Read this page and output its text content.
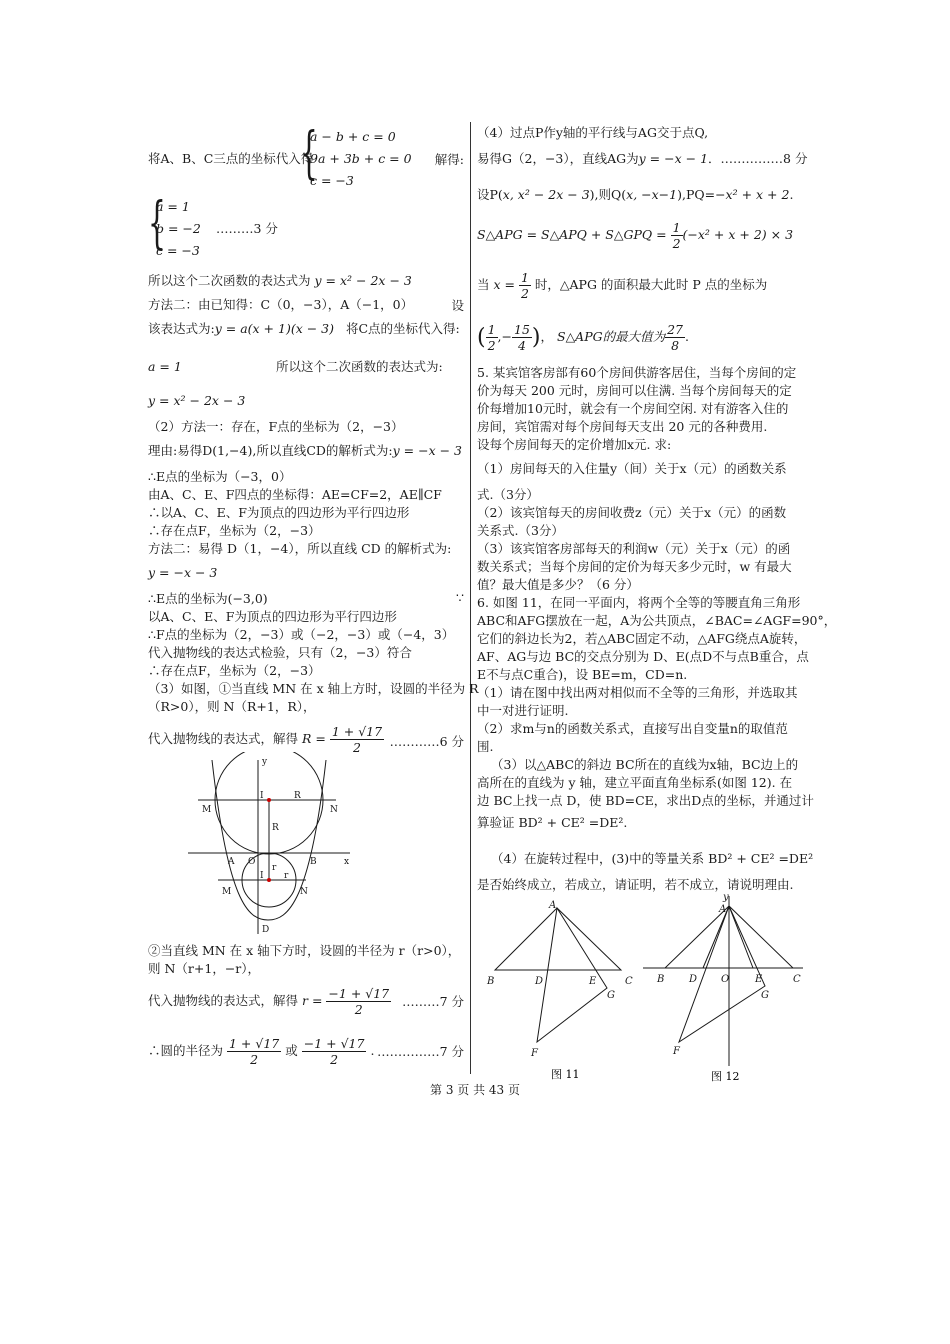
将A、B、C三点的坐标代入得
{
a − b + c = 0
9a + 3b + c = 0
c = −3
解得:
{
a = 1
b = −2
c = −3
………3 分
所以这个二次函数的表达式为 y = x² − 2x − 3
方法二：由已知得：C（0，−3），A（−1，0）	设
该表达式为:y = a(x + 1)(x − 3) 将C点的坐标代入得:
a = 1	所以这个二次函数的表达式为:
y = x² − 2x − 3
（2）方法一：存在，F点的坐标为（2，−3）
理由:易得D(1,−4),所以直线CD的解析式为:y = −x − 3
∴E点的坐标为（−3，0）
由A、C、E、F四点的坐标得：AE=CF=2，AE∥CF
∴以A、C、E、F为顶点的四边形为平行四边形
∴存在点F，坐标为（2，−3）
方法二：易得 D（1，−4），所以直线 CD 的解析式为:
y = −x − 3
∴E点的坐标为(−3,0)	∵
以A、C、E、F为顶点的四边形为平行四边形
∴F点的坐标为（2，−3）或（−2，−3）或（−4，3）
代入抛物线的表达式检验，只有（2，−3）符合
∴存在点F，坐标为（2，−3）
（3）如图，①当直线 MN 在 x 轴上方时，设圆的半径为 R
（R>0），则 N（R+1，R），
代入抛物线的表达式，解得 $R = \frac{1 + √17}{2}$ …………6 分
y
I	R
M	N
R
A O	B	x
I r
M	N
r
D
②当直线 MN 在 x 轴下方时，设圆的半径为 r（r>0），
则 N（r+1，−r），
代入抛物线的表达式，解得 $r = \frac{-1 + √17}{2}$ ………7 分
∴圆的半径为 $\frac{1 + √17}{2}$ 或 $\frac{-1 + √17}{2}$ . ……………7 分
（4）过点P作y轴的平行线与AG交于点Q,
易得G（2，−3），直线AG为y = −x − 1．……………8 分
设P(x, x² − 2x − 3),则Q(x, −x−1),PQ=−x² + x + 2.
S△APG = S△APQ + S△GPQ = $\frac{1}{2} (-x^2 + x + 2) \times 3$
当 $x = \frac{1}{2}$ 时，△APG 的面积最大此时 P 点的坐标为
( $\frac{1}{2}$ ,− $\frac{15}{4}$ )， S△APG的最大值为 $\frac{27}{8}$ .
5. 某宾馆客房部有60个房间供游客居住，当每个房间的定
价为每天 200 元时，房间可以住满. 当每个房间每天的定
价每增加10元时，就会有一个房间空闲. 对有游客入住的
房间，宾馆需对每个房间每天支出 20 元的各种费用.
设每个房间每天的定价增加x元. 求:
（1）房间每天的入住量y（间）关于x（元）的函数关系
式.（3分）
（2）该宾馆每天的房间收费z（元）关于x（元）的函数
关系式.（3分）
（3）该宾馆客房部每天的利润w（元）关于x（元）的函
数关系式；当每个房间的定价为每天多少元时，w 有最大
值？最大值是多少？（6 分）
6. 如图 11，在同一平面内，将两个全等的等腰直角三角形
ABC和AFG摆放在一起，A为公共顶点，∠BAC=∠AGF=90°，
它们的斜边长为2，若△ABC固定不动，△AFG绕点A旋转，
AF、AG与边 BC的交点分别为 D、E(点D不与点B重合，点
E不与点C重合)，设 BE=m，CD=n.
（1）请在图中找出两对相似而不全等的三角形，并选取其
中一对进行证明.
（2）求m与n的函数关系式，直接写出自变量n的取值范
围.
（3）以△ABC的斜边 BC所在的直线为x轴，BC边上的
高所在的直线为 y 轴，建立平面直角坐标系(如图 12). 在
边 BC上找一点 D，使 BD=CE，求出D点的坐标，并通过计
算验证 BD² + CE² =DE².
（4）在旋转过程中，(3)中的等量关系 BD² + CE² =DE²
是否始终成立，若成立，请证明，若不成立，请说明理由.
A
B	D	E	C
G
F
图 11
y
A
B D O	E	C
G
F
图 12
第 3 页 共 43 页
